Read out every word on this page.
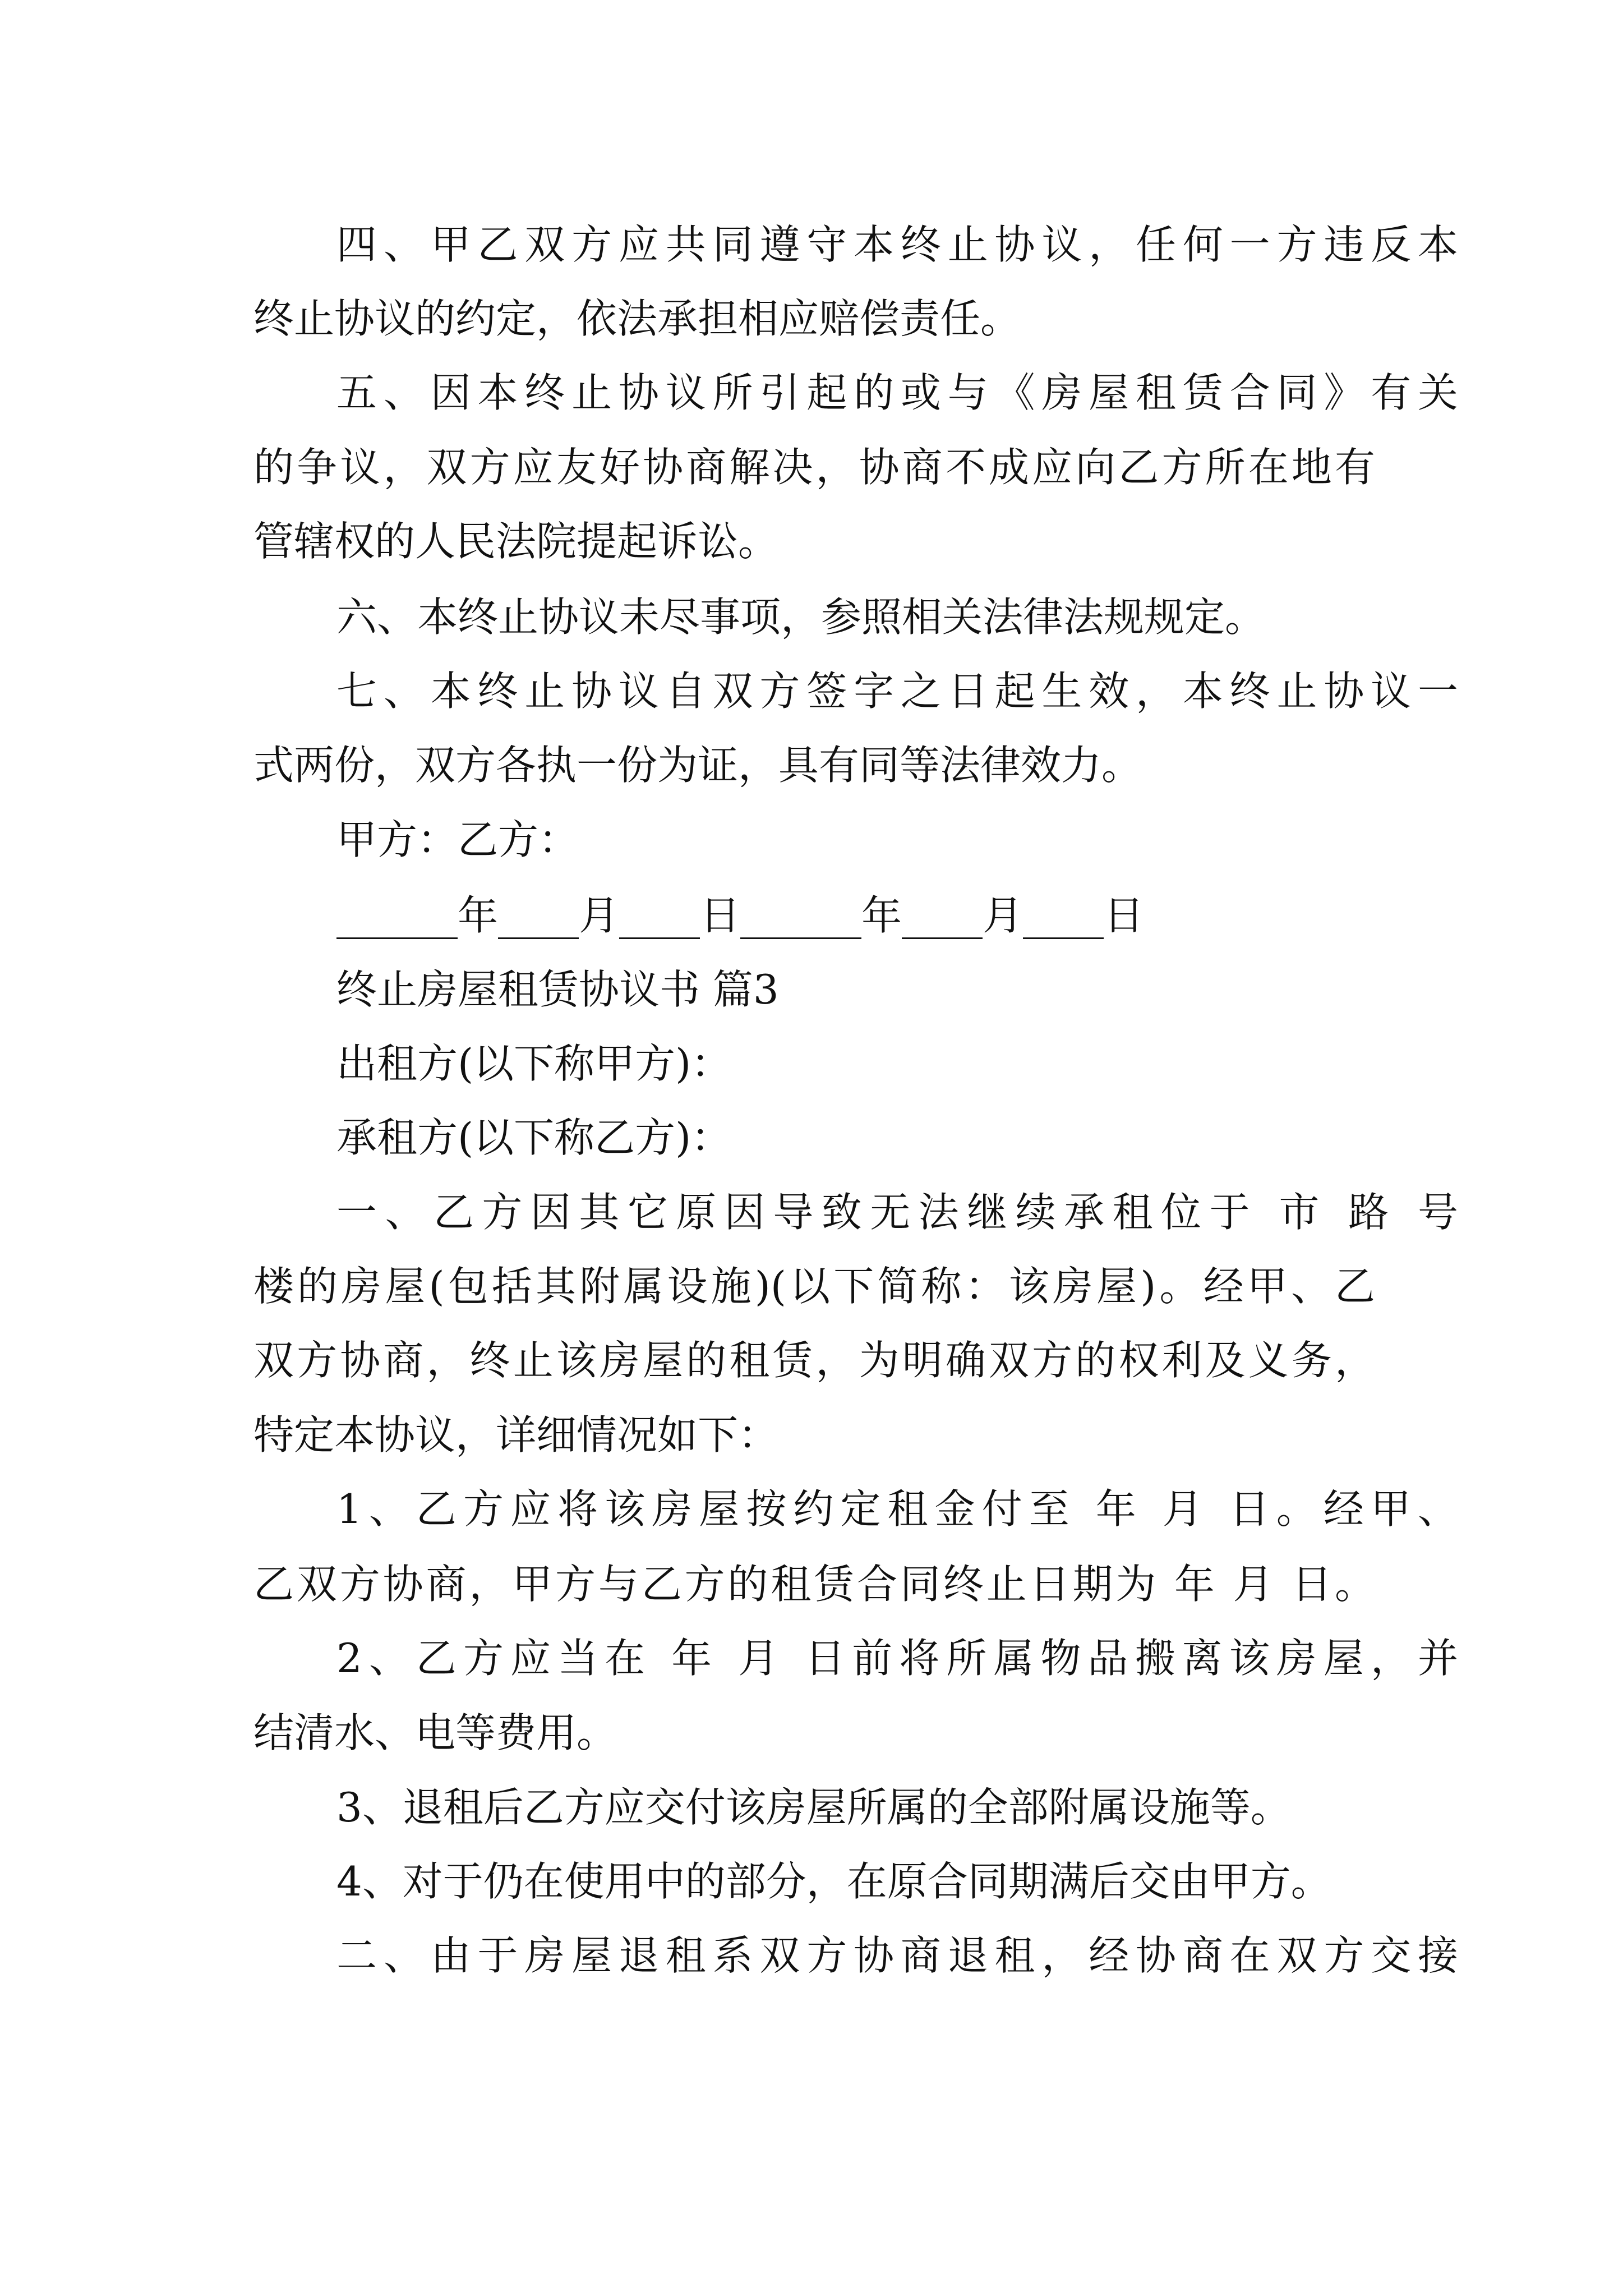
四、甲乙双方应共同遵守本终止协议，任何一方违反本

终止协议的约定，依法承担相应赔偿责任。

五、因本终止协议所引起的或与《房屋租赁合同》有关

的争议，双方应友好协商解决，协商不成应向乙方所在地有

管辖权的人民法院提起诉讼。

六、本终止协议未尽事项，参照相关法律法规规定。

七、本终止协议自双方签字之日起生效，本终止协议一

式两份，双方各执一份为证，具有同等法律效力。

甲方：乙方：

______年____月____日______年____月____日

终止房屋租赁协议书 篇3

出租方(以下称甲方)：

承租方(以下称乙方)：

一、乙方因其它原因导致无法继续承租位于 市 路 号

楼的房屋(包括其附属设施)(以下简称：该房屋)。经甲、乙

双方协商，终止该房屋的租赁，为明确双方的权利及义务，

特定本协议，详细情况如下：

1、乙方应将该房屋按约定租金付至 年 月 日。经甲、

乙双方协商，甲方与乙方的租赁合同终止日期为 年 月 日。

2、乙方应当在 年 月 日前将所属物品搬离该房屋，并

结清水、电等费用。

3、退租后乙方应交付该房屋所属的全部附属设施等。

4、对于仍在使用中的部分，在原合同期满后交由甲方。

二、由于房屋退租系双方协商退租，经协商在双方交接
